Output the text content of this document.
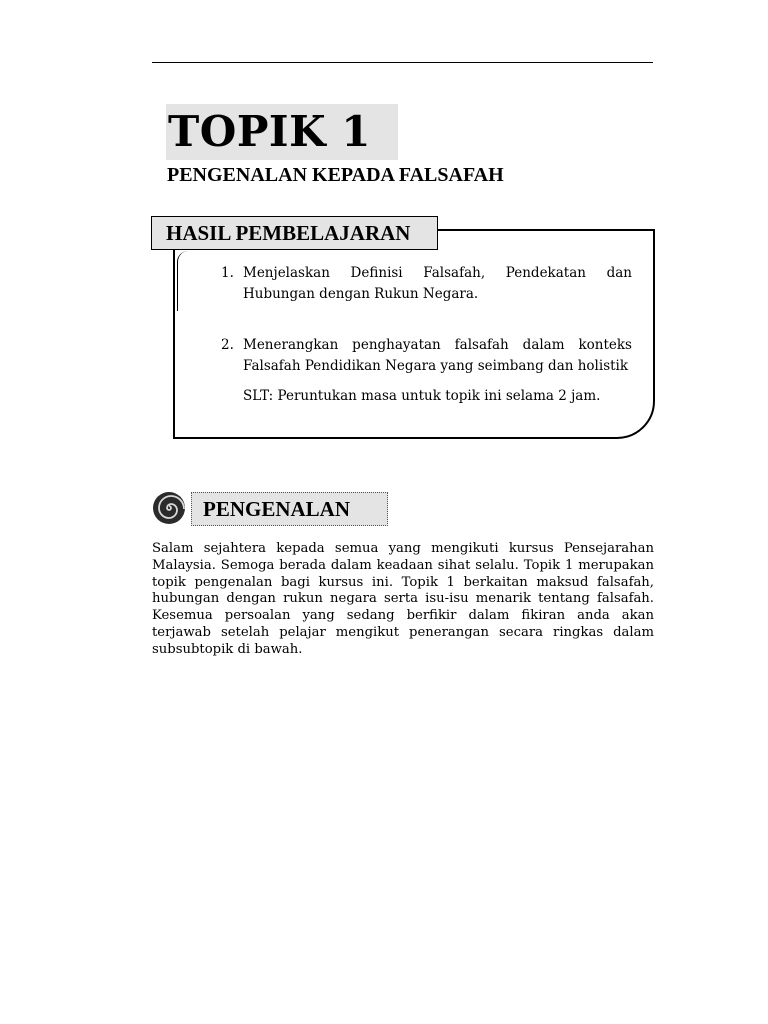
TOPIK 1
PENGENALAN KEPADA FALSAFAH
HASIL PEMBELAJARAN
1. Menjelaskan Definisi Falsafah, Pendekatan dan Hubungan dengan Rukun Negara.
2. Menerangkan penghayatan falsafah dalam konteks Falsafah Pendidikan Negara yang seimbang dan holistik
SLT: Peruntukan masa untuk topik ini selama 2 jam.
PENGENALAN

Salam sejahtera kepada semua yang mengikuti kursus Pensejarahan Malaysia. Semoga berada dalam keadaan sihat selalu. Topik 1 merupakan topik pengenalan bagi kursus ini. Topik 1 berkaitan maksud falsafah, hubungan dengan rukun negara serta isu-isu menarik tentang falsafah. Kesemua persoalan yang sedang berfikir dalam fikiran anda akan terjawab setelah pelajar mengikut penerangan secara ringkas dalam subsubtopik di bawah.
